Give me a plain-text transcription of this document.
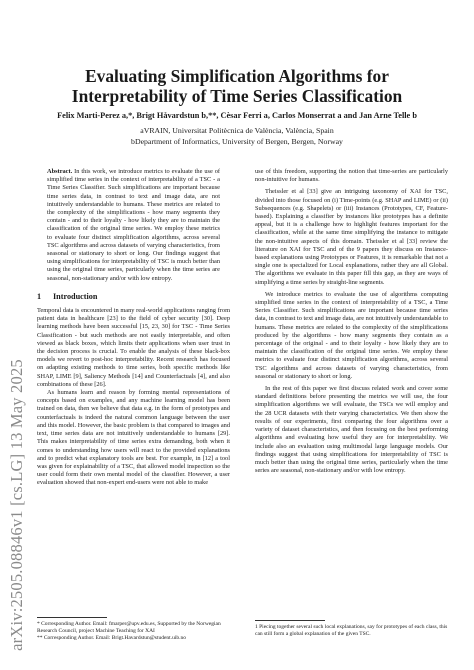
arXiv:2505.08846v1 [cs.LG] 13 May 2025
Evaluating Simplification Algorithms for Interpretability of Time Series Classification
Felix Marti-Perez a,*, Brigt Håvardstun b,**, Cèsar Ferri a, Carlos Monserrat a and Jan Arne Telle b
aVRAIN, Universitat Politècnica de València, València, Spain
bDepartment of Informatics, University of Bergen, Bergen, Norway

Abstract. In this work, we introduce metrics to evaluate the use of simplified time series in the context of interpretability of a TSC - a Time Series Classifier. Such simplifications are important because time series data, in contrast to text and image data, are not intuitively understandable to humans. These metrics are related to the complexity of the simplifications - how many segments they contain - and to their loyalty - how likely they are to maintain the classification of the original time series. We employ these metrics to evaluate four distinct simplification algorithms, across several TSC algorithms and across datasets of varying characteristics, from seasonal or stationary to short or long. Our findings suggest that using simplifications for interpretability of TSC is much better than using the original time series, particularly when the time series are seasonal, non-stationary and/or with low entropy.

1 Introduction

Temporal data is encountered in many real-world applications ranging from patient data in healthcare [23] to the field of cyber security [30]. Deep learning methods have been successful [15, 23, 30] for TSC - Time Series Classification - but such methods are not easily interpretable, and often viewed as black boxes, which limits their applications when user trust in the decision process is crucial. To enable the analysis of these black-box models we revert to post-hoc interpretability. Recent research has focused on adapting existing methods to time series, both specific methods like SHAP, LIME [9], Saliency Methods [14] and Counterfactuals [4], and also combinations of these [26].

As humans learn and reason by forming mental representations of concepts based on examples, and any machine learning model has been trained on data, then we believe that data e.g. in the form of prototypes and counterfactuals is indeed the natural common language between the user and this model. However, the basic problem is that compared to images and text, time series data are not intuitively understandable to humans [29]. This makes interpretability of time series extra demanding, both when it comes to understanding how users will react to the provided explanations and to predict what explanatory tools are best. For example, in [12] a tool was given for explainability of a TSC, that allowed model inspection so the user could form their own mental model of the classifier. However, a user evaluation showed that non-expert end-users were not able to make

use of this freedom, supporting the notion that time-series are particularly non-intuitive for humans.

Theissler et al [33] give an intriguing taxonomy of XAI for TSC, divided into those focused on (i) Time-points (e.g. SHAP and LIME) or (ii) Subsequences (e.g. Shapelets) or (iii) Instances (Prototypes, CF, Feature-based). Explaining a classifier by instances like prototypes has a definite appeal, but it is a challenge how to highlight features important for the classification, while at the same time simplifying the instance to mitigate the non-intuitive aspects of this domain. Theissler et al [33] review the literature on XAI for TSC and of the 9 papers they discuss on Instance-based explanations using Prototypes or Features, it is remarkable that not a single one is specialized for Local explanations, rather they are all Global. The algorithms we evaluate in this paper fill this gap, as they are ways of simplifying a time series by straight-line segments.

We introduce metrics to evaluate the use of algorithms computing simplified time series in the context of interpretability of a TSC, a Time Series Classifier. Such simplifications are important because time series data, in contrast to text and image data, are not intuitively understandable to humans. These metrics are related to the complexity of the simplifications produced by the algorithms - how many segments they contain as a percentage of the original - and to their loyalty - how likely they are to maintain the classification of the original time series. We employ these metrics to evaluate four distinct simplification algorithms, across several TSC algorithms and across datasets of varying characteristics, from seasonal or stationary to short or long.

In the rest of this paper we first discuss related work and cover some standard definitions before presenting the metrics we will use, the four simplification algorithms we will evaluate, the TSCs we will employ and the 28 UCR datasets with their varying characteristics. We then show the results of our experiments, first comparing the four algorithms over a variety of dataset characteristics, and then focusing on the best performing algorithms and evaluating how useful they are for interpretability. We include also an evaluation using multimodal large language models. Our findings suggest that using simplifications for interpretability of TSC is much better than using the original time series, particularly when the time series are seasonal, non-stationary and/or with low entropy.

* Corresponding Author. Email: fmarper@upv.edu.es, Supported by the Norwegian Research Council, project Machine Teaching for XAI
** Corresponding Author. Email: Brigt.Havardstun@student.uib.no
1 Piecing together several such local explanations, say for prototypes of each class, this can still form a global explanation of the given TSC.
